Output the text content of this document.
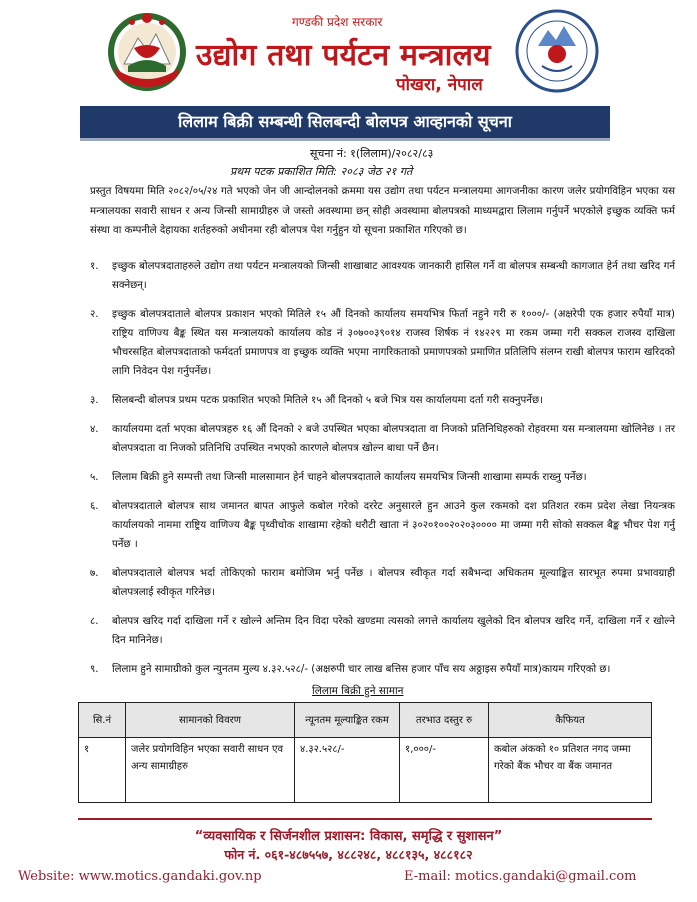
गण्डकी प्रदेश सरकार
उद्योग तथा पर्यटन मन्त्रालय
पोखरा, नेपाल
लिलाम बिक्री सम्बन्धी सिलबन्दी बोलपत्र आव्हानको सूचना
सूचना नं: १(लिलाम)/२०८२/८३
प्रथम पटक प्रकाशित मिति: २०८३ जेठ २१ गते

प्रस्तुत विषयमा मिति २०८२/०५/२४ गते भएको जेन जी आन्दोलनको क्रममा यस उद्योग तथा पर्यटन मन्त्रालयमा आगजनीका कारण जलेर प्रयोगविहिन भएका यस मन्त्रालयका सवारी साधन र अन्य जिन्सी सामाग्रीहरु जे जस्तो अवस्थामा छन् सोही अवस्थामा बोलपत्रको माध्यमद्वारा लिलाम गर्नुपर्ने भएकोले इच्छुक व्यक्ति फर्म संस्था वा कम्पनीले देहायका शर्तहरुको अधीनमा रही बोलपत्र पेश गर्नुहुन यो सूचना प्रकाशित गरिएको छ।

१. इच्छुक बोलपत्रदाताहरुले उद्योग तथा पर्यटन मन्त्रालयको जिन्सी शाखाबाट आवश्यक जानकारी हासिल गर्ने वा बोलपत्र सम्बन्धी कागजात हेर्न तथा खरिद गर्न सक्नेछन्।
२. इच्छुक बोलपत्रदाताले बोलपत्र प्रकाशन भएको मितिले १५ औं दिनको कार्यालय समयभित्र फिर्ता नहुने गरी रु १०००/- (अक्षरेपी एक हजार रुपैयाँ मात्र) राष्ट्रिय वाणिज्य बैङ्क स्थित यस मन्त्रालयको कार्यालय कोड नं ३०७००३९०१४ राजस्व शिर्षक नं १४२२९ मा रकम जम्मा गरी सक्कल राजस्व दाखिला भौचरसहित बोलपत्रदाताको फर्मदर्ता प्रमाणपत्र वा इच्छुक व्यक्ति भएमा नागरिकताको प्रमाणपत्रको प्रमाणित प्रतिलिपि संलग्न राखी बोलपत्र फाराम खरिदको लागि निवेदन पेश गर्नुपर्नेछ।
३. सिलबन्दी बोलपत्र प्रथम पटक प्रकाशित भएको मितिले १५ औं दिनको ५ बजे भित्र यस कार्यालयमा दर्ता गरी सक्नुपर्नेछ।
४. कार्यालयमा दर्ता भएका बोलपत्रहरु १६ औं दिनको २ बजे उपस्थित भएका बोलपत्रदाता वा निजको प्रतिनिधिहरुको रोहवरमा यस मन्त्रालयमा खोलिनेछ । तर बोलपत्रदाता वा निजको प्रतिनिधि उपस्थित नभएको कारणले बोलपत्र खोल्न बाधा पर्ने छैन।
५. लिलाम बिक्री हुने सम्पत्ती तथा जिन्सी मालसामान हेर्न चाहने बोलपत्रदाताले कार्यालय समयभित्र जिन्सी शाखामा सम्पर्क राख्नु पर्नेछ।
६. बोलपत्रदाताले बोलपत्र साथ जमानत बापत आफुले कबोल गरेको दररेट अनुसारले हुन आउने कुल रकमको दश प्रतिशत रकम प्रदेश लेखा नियन्त्रक कार्यालयको नाममा राष्ट्रिय वाणिज्य बैङ्क पृथ्वीचोक शाखामा रहेको धरौटी खाता नं ३०२०१००२०२०३०००० मा जम्मा गरी सोको सक्कल बैङ्क भौचर पेश गर्नु पर्नेछ ।
७. बोलपत्रदाताले बोलपत्र भर्दा तोकिएको फाराम बमोजिम भर्नु पर्नेछ । बोलपत्र स्वीकृत गर्दा सबैभन्दा अधिकतम मूल्याङ्कित सारभूत रुपमा प्रभावग्राही बोलपत्रलाई स्वीकृत गरिनेछ।
८. बोलपत्र खरिद गर्दा दाखिला गर्ने र खोल्ने अन्तिम दिन विदा परेको खण्डमा त्यसको लगत्ते कार्यालय खुलेको दिन बोलपत्र खरिद गर्ने, दाखिला गर्ने र खोल्ने दिन मानिनेछ।
९. लिलाम हुने सामाग्रीको कुल न्युनतम मुल्य ४.३२.५२८/- (अक्षरुपी चार लाख बत्तिस हजार पाँच सय अठ्ठाइस रुपैयाँ मात्र)कायम गरिएको छ।
लिलाम बिक्री हुने सामान
सि.नं	सामानको विवरण	न्यूनतम मूल्याङ्कित रकम	तरभाउ दस्तुर रु	कैफियत
१	जलेर प्रयोगविहिन भएका सवारी साधन एव अन्य सामाग्रीहरु	४.३२.५२८/-	१,०००/-	कबोल अंकको १० प्रतिशत नगद जम्मा गरेको बैंक भौचर वा बैंक जमानत
“व्यवसायिक र सिर्जनशील प्रशासन: विकास, समृद्धि र सुशासन”
फोन नं. ०६१-४८७५५७, ४८८२४८, ४८८१३५, ४८८१८२
Website: www.motics.gandaki.gov.np	E-mail: motics.gandaki@gmail.com
